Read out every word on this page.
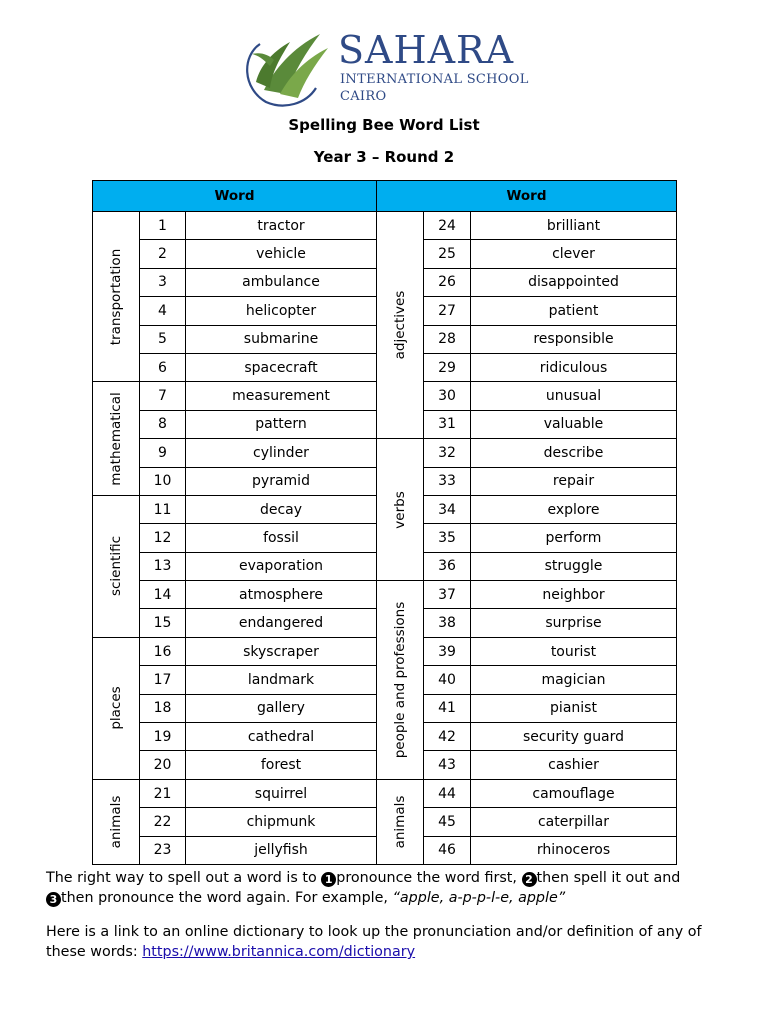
SAHARA
INTERNATIONAL SCHOOL
CAIRO
Spelling Bee Word List
Year 3 – Round 2
Word			Word		

transportation	1	tractor	adjectives	24	brilliant
	2	vehicle		25	clever
	3	ambulance		26	disappointed
	4	helicopter		27	patient
	5	submarine		28	responsible
	6	spacecraft		29	ridiculous

mathematical	7	measurement		30	unusual
	8	pattern		31	valuable
	9	cylinder	verbs	32	describe
	10	pyramid		33	repair

scientific	11	decay		34	explore
	12	fossil		35	perform
	13	evaporation		36	struggle
	14	atmosphere	people and professions	37	neighbor
	15	endangered		38	surprise

places	16	skyscraper		39	tourist
	17	landmark		40	magician
	18	gallery		41	pianist
	19	cathedral		42	security guard
	20	forest		43	cashier

animals	21	squirrel	animals	44	camouflage
	22	chipmunk		45	caterpillar
	23	jellyfish		46	rhinoceros
The right way to spell out a word is to 1 pronounce the word first, 2 then spell it out and
3 then pronounce the word again. For example, “apple, a-p-p-l-e, apple”
Here is a link to an online dictionary to look up the pronunciation and/or definition of any of these words: https://www.britannica.com/dictionary
